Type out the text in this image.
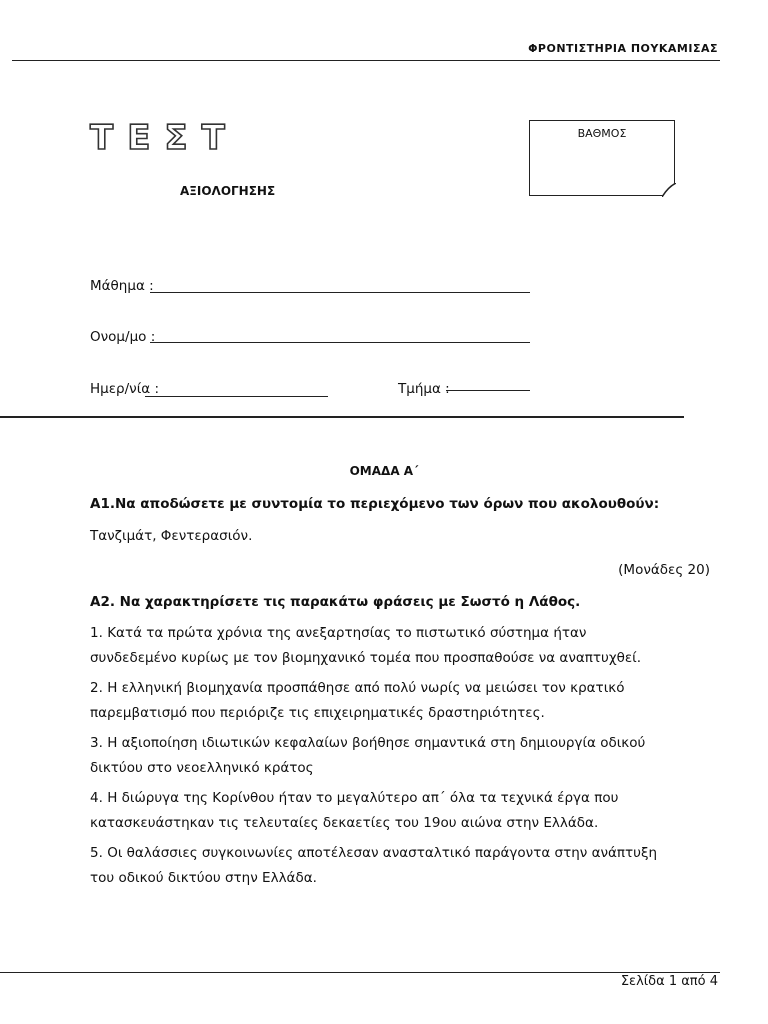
ΦΡΟΝΤΙΣΤΗΡΙΑ ΠΟΥΚΑΜΙΣΑΣ
ΤΕΣΤ
ΑΞΙΟΛΟΓΗΣΗΣ
ΒΑΘΜΟΣ
Μάθημα :
Ονομ/μο :
Ημερ/νία :	Τμήμα :
ΟΜΑΔΑ Α΄
Α1.Να αποδώσετε με συντομία το περιεχόμενο των όρων που ακολουθούν:
Τανζιμάτ, Φεντερασιόν.
(Μονάδες 20)
Α2. Να χαρακτηρίσετε τις παρακάτω φράσεις με Σωστό η Λάθος.
1. Κατά τα πρώτα χρόνια της ανεξαρτησίας το πιστωτικό σύστημα ήταν
συνδεδεμένο κυρίως με τον βιομηχανικό τομέα που προσπαθούσε να αναπτυχθεί.
2. Η ελληνική βιομηχανία προσπάθησε από πολύ νωρίς να μειώσει τον κρατικό
παρεμβατισμό που περιόριζε τις επιχειρηματικές δραστηριότητες.
3. Η αξιοποίηση ιδιωτικών κεφαλαίων βοήθησε σημαντικά στη δημιουργία οδικού
δικτύου στο νεοελληνικό κράτος
4. Η διώρυγα της Κορίνθου ήταν το μεγαλύτερο απ΄ όλα τα τεχνικά έργα που
κατασκευάστηκαν τις τελευταίες δεκαετίες του 19ου αιώνα στην Ελλάδα.
5. Οι θαλάσσιες συγκοινωνίες αποτέλεσαν ανασταλτικό παράγοντα στην ανάπτυξη
του οδικού δικτύου στην Ελλάδα.
Σελίδα 1 από 4
